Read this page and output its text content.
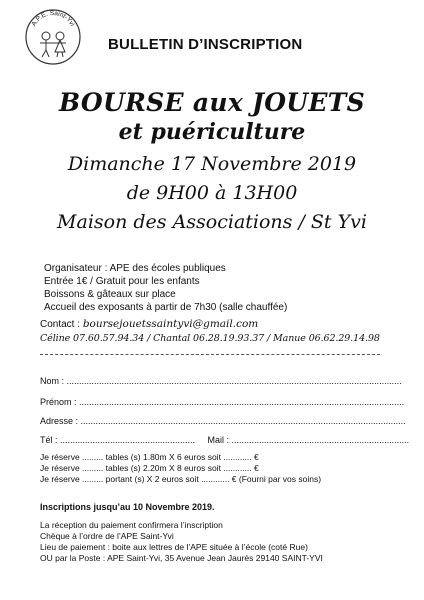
A.P.E. Saint-Yvi
BULLETIN D’INSCRIPTION
BOURSE aux JOUETS
et puériculture
Dimanche 17 Novembre 2019
de 9H00 à 13H00
Maison des Associations / St Yvi
Organisateur : APE des écoles publiques
Entrée 1€ / Gratuit pour les enfants
Boissons & gâteaux sur place
Accueil des exposants à partir de 7h30 (salle chauffée)
Contact : boursejouetssaintyvi@gmail.com
Céline 07.60.57.94.34 / Chantal 06.28.19.93.37 / Manue 06.62.29.14.98
Nom : ......................................................................................................................................
Prénom : ..................................................................................................................................
Adresse : ..................................................................................................................................
Tél : ...................................................... Mail : .......................................................................
Je réserve ......... tables (s) 1.80m X 6 euros soit ............ €
Je réserve ......... tables (s) 2.20m X 8 euros soit ............ €
Je réserve ......... portant (s) X 2 euros soit ............ € (Fourni par vos soins)
Inscriptions jusqu’au 10 Novembre 2019.
La réception du paiement confirmera l’inscription
Chèque à l’ordre de l’APE Saint-Yvi
Lieu de paiement : boite aux lettres de l’APE située à l’école (coté Rue)
OU par la Poste : APE Saint-Yvi, 35 Avenue Jean Jaurès 29140 SAINT-YVI
